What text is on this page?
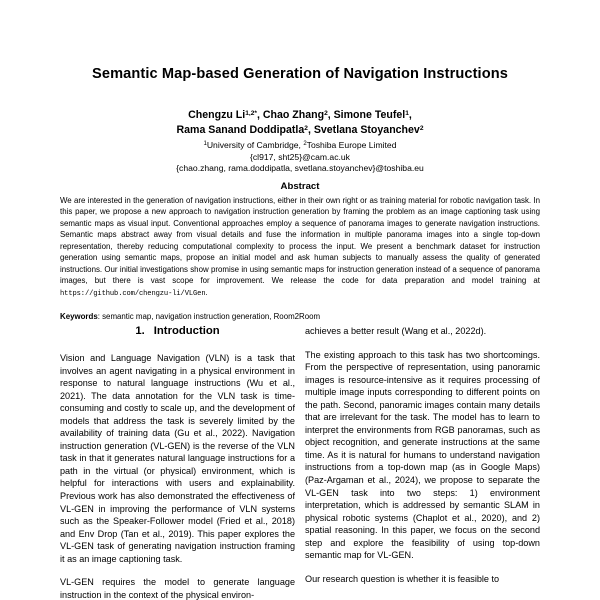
Semantic Map-based Generation of Navigation Instructions
Chengzu $Li^{1,2*}$, Chao Zhang$^2$, Simone Teufel$^1$,
Rama Sanand Doddipatla$^2$, Svetlana Stoyanchev$^2$
$^1$University of Cambridge, $^2$Toshiba Europe Limited
{cl917, sht25}@cam.ac.uk
{chao.zhang, rama.doddipatla, svetlana.stoyanchev}@toshiba.eu
Abstract
We are interested in the generation of navigation instructions, either in their own right or as training material for robotic navigation task. In this paper, we propose a new approach to navigation instruction generation by framing the problem as an image captioning task using semantic maps as visual input. Conventional approaches employ a sequence of panorama images to generate navigation instructions. Semantic maps abstract away from visual details and fuse the information in multiple panorama images into a single top-down representation, thereby reducing computational complexity to process the input. We present a benchmark dataset for instruction generation using semantic maps, propose an initial model and ask human subjects to manually assess the quality of generated instructions. Our initial investigations show promise in using semantic maps for instruction generation instead of a sequence of panorama images, but there is vast scope for improvement. We release the code for data preparation and model training at https://github.com/chengzu-li/VLGen.
Keywords: semantic map, navigation instruction generation, Room2Room
1. Introduction

Vision and Language Navigation (VLN) is a task that involves an agent navigating in a physical environment in response to natural language instructions (Wu et al., 2021). The data annotation for the VLN task is time-consuming and costly to scale up, and the development of models that address the task is severely limited by the availability of training data (Gu et al., 2022). Navigation instruction generation (VL-GEN) is the reverse of the VLN task in that it generates natural language instructions for a path in the virtual (or physical) environment, which is helpful for interactions with users and explainability. Previous work has also demonstrated the effectiveness of VL-GEN in improving the performance of VLN systems such as the Speaker-Follower model (Fried et al., 2018) and Env Drop (Tan et al., 2019). This paper explores the VL-GEN task of generating navigation instruction framing it as an image captioning task.

VL-GEN requires the model to generate language instruction in the context of the physical environ-

achieves a better result (Wang et al., 2022d).

The existing approach to this task has two shortcomings. From the perspective of representation, using panoramic images is resource-intensive as it requires processing of multiple image inputs corresponding to different points on the path. Second, panoramic images contain many details that are irrelevant for the task. The model has to learn to interpret the environments from RGB panoramas, such as object recognition, and generate instructions at the same time. As it is natural for humans to understand navigation instructions from a top-down map (as in Google Maps) (Paz-Argaman et al., 2024), we propose to separate the VL-GEN task into two steps: 1) environment interpretation, which is addressed by semantic SLAM in physical robotic systems (Chaplot et al., 2020), and 2) spatial reasoning. In this paper, we focus on the second step and explore the feasibility of using top-down semantic map for VL-GEN.

Our research question is whether it is feasible to
